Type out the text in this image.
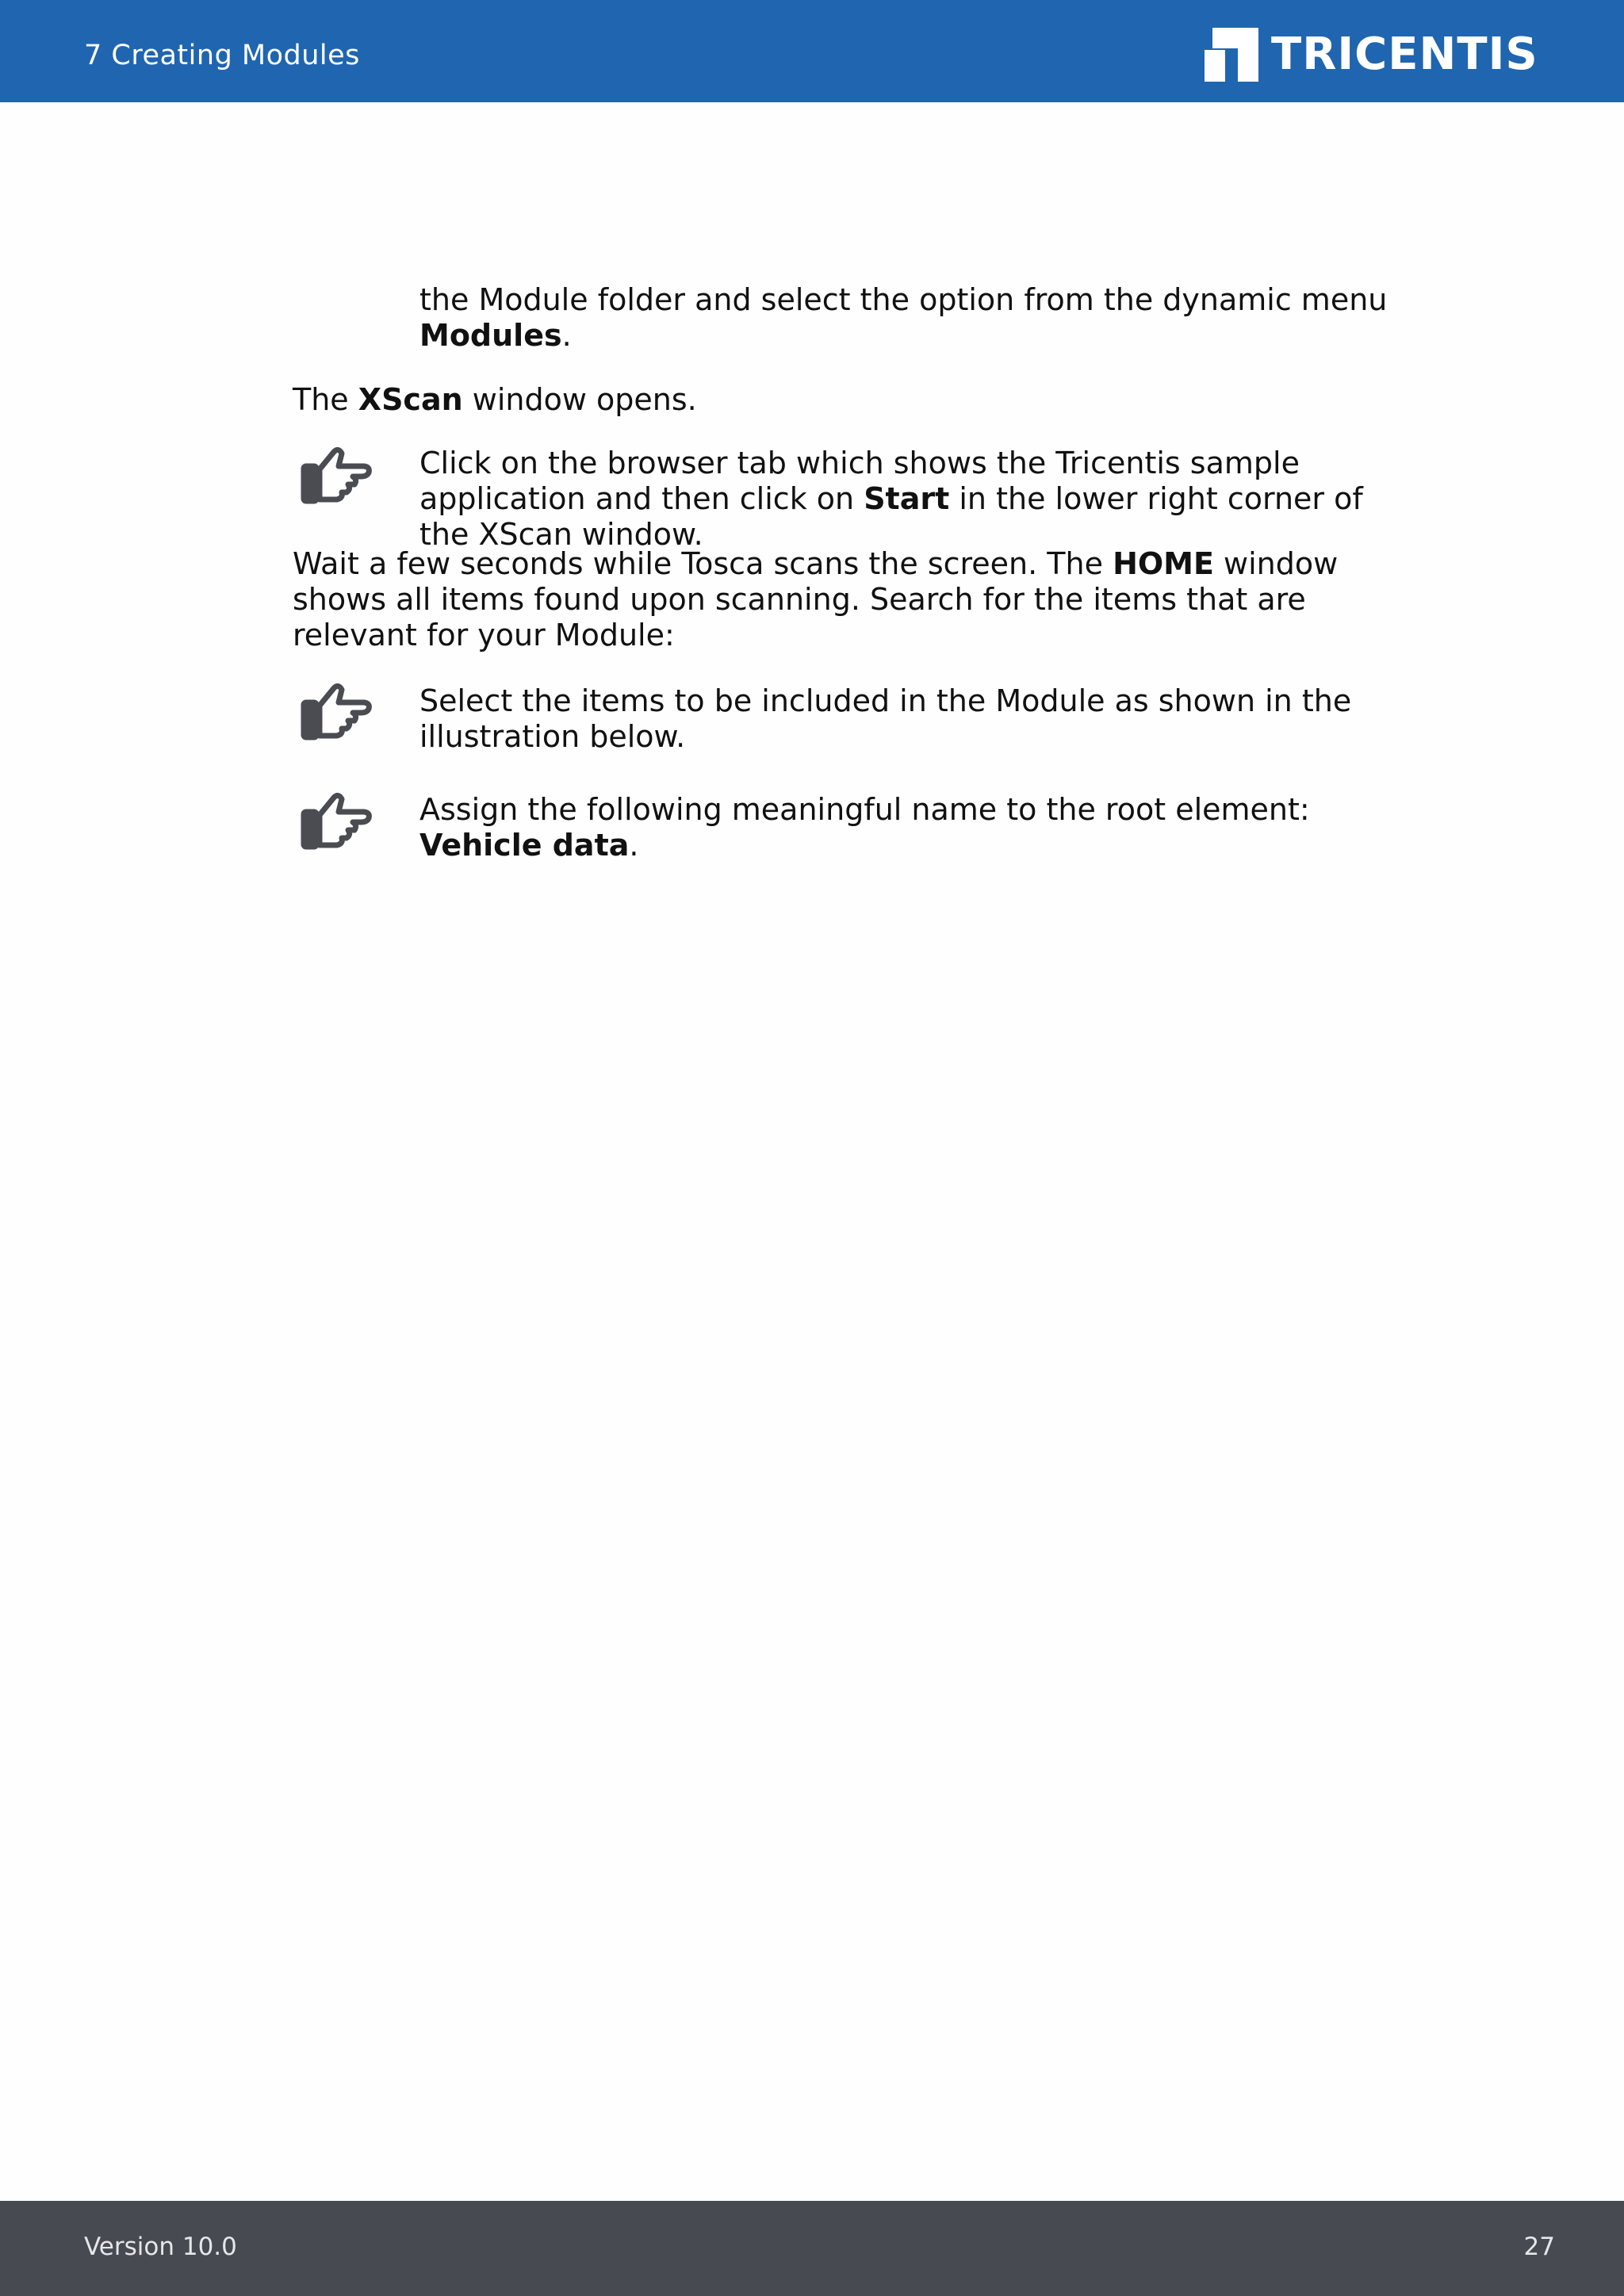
7 Creating Modules	TRICENTIS

the Module folder and select the option from the dynamic menu Modules.

The XScan window opens.

Click on the browser tab which shows the Tricentis sample application and then click on Start in the lower right corner of the XScan window.

Wait a few seconds while Tosca scans the screen. The HOME window shows all items found upon scanning. Search for the items that are relevant for your Module:

Select the items to be included in the Module as shown in the illustration below.

Assign the following meaningful name to the root element: Vehicle data.

Version 10.0	27
